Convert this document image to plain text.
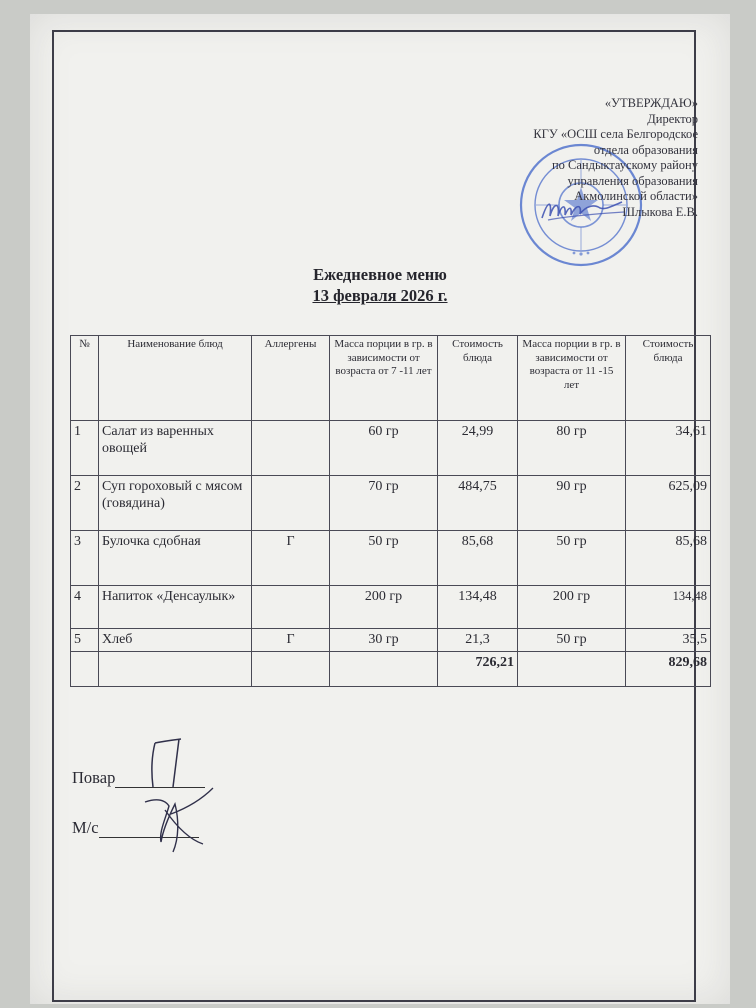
«УТВЕРЖДАЮ»
Директор
КГУ «ОСШ села Белгородское
отдела образования
по Сандыктаускому району
управления образования
Акмолинской области»
Шлыкова Е.В.
Ежедневное меню
13 февраля 2026 г.
№	Наименование блюд	Аллергены	Масса порции в гр. в зависимости от возраста от 7 -11 лет	Стоимость блюда	Масса порции в гр. в зависимости от возраста от 11 -15 лет	Стоимость блюда
1	Салат из варенных овощей		60 гр	24,99	80 гр	34,61
2	Суп гороховый с мясом (говядина)		70 гр	484,75	90 гр	625,09
3	Булочка сдобная	Г	50 гр	85,68	50 гр	85,68
4	Напиток «Денсаулык»		200 гр	134,48	200 гр	134,48
5	Хлеб	Г	30 гр	21,3	50 гр	35,5
				726,21		829,68
Повар
М/с
